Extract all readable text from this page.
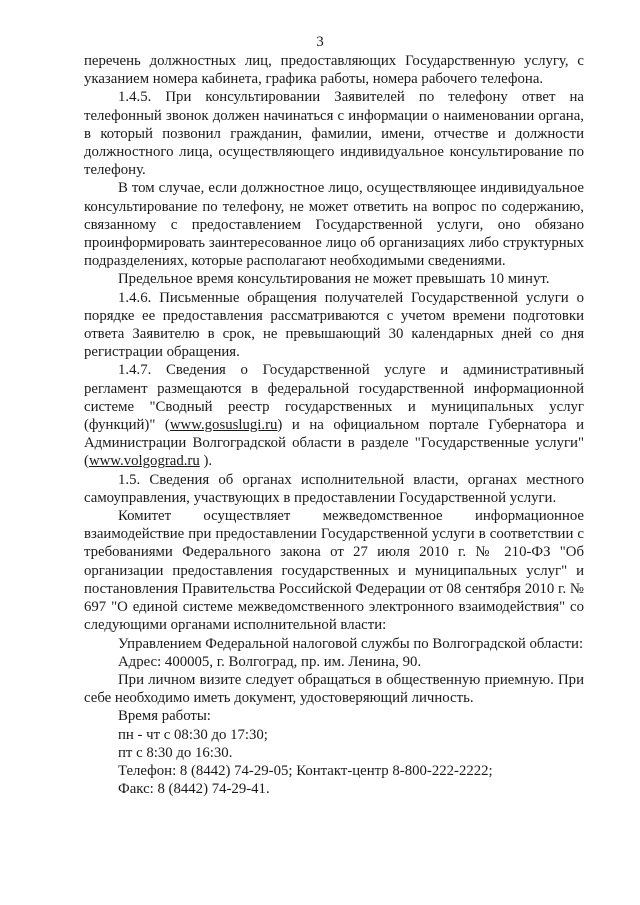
3

перечень должностных лиц, предоставляющих Государственную услугу, с указанием номера кабинета, графика работы, номера рабочего телефона.

1.4.5. При консультировании Заявителей по телефону ответ на телефонный звонок должен начинаться с информации о наименовании органа, в который позвонил гражданин, фамилии, имени, отчестве и должности должностного лица, осуществляющего индивидуальное консультирование по телефону.

В том случае, если должностное лицо, осуществляющее индивидуальное консультирование по телефону, не может ответить на вопрос по содержанию, связанному с предоставлением Государственной услуги, оно обязано проинформировать заинтересованное лицо об организациях либо структурных подразделениях, которые располагают необходимыми сведениями.

Предельное время консультирования не может превышать 10 минут.

1.4.6. Письменные обращения получателей Государственной услуги о порядке ее предоставления рассматриваются с учетом времени подготовки ответа Заявителю в срок, не превышающий 30 календарных дней со дня регистрации обращения.

1.4.7. Сведения о Государственной услуге и административный регламент размещаются в федеральной государственной информационной системе "Сводный реестр государственных и муниципальных услуг (функций)" (www.gosuslugi.ru) и на официальном портале Губернатора и Администрации Волгоградской области в разделе "Государственные услуги" (www.volgograd.ru ).

1.5. Сведения об органах исполнительной власти, органах местного самоуправления, участвующих в предоставлении Государственной услуги.

Комитет осуществляет межведомственное информационное взаимодействие при предоставлении Государственной услуги в соответствии с требованиями Федерального закона от 27 июля 2010 г. № 210-ФЗ "Об организации предоставления государственных и муниципальных услуг" и постановления Правительства Российской Федерации от 08 сентября 2010 г. № 697 "О единой системе межведомственного электронного взаимодействия" со следующими органами исполнительной власти:

Управлением Федеральной налоговой службы по Волгоградской области:

Адрес: 400005, г. Волгоград, пр. им. Ленина, 90.

При личном визите следует обращаться в общественную приемную. При себе необходимо иметь документ, удостоверяющий личность.

Время работы:

пн - чт с 08:30 до 17:30;

пт с 8:30 до 16:30.

Телефон: 8 (8442) 74-29-05; Контакт-центр 8-800-222-2222;

Факс: 8 (8442) 74-29-41.
